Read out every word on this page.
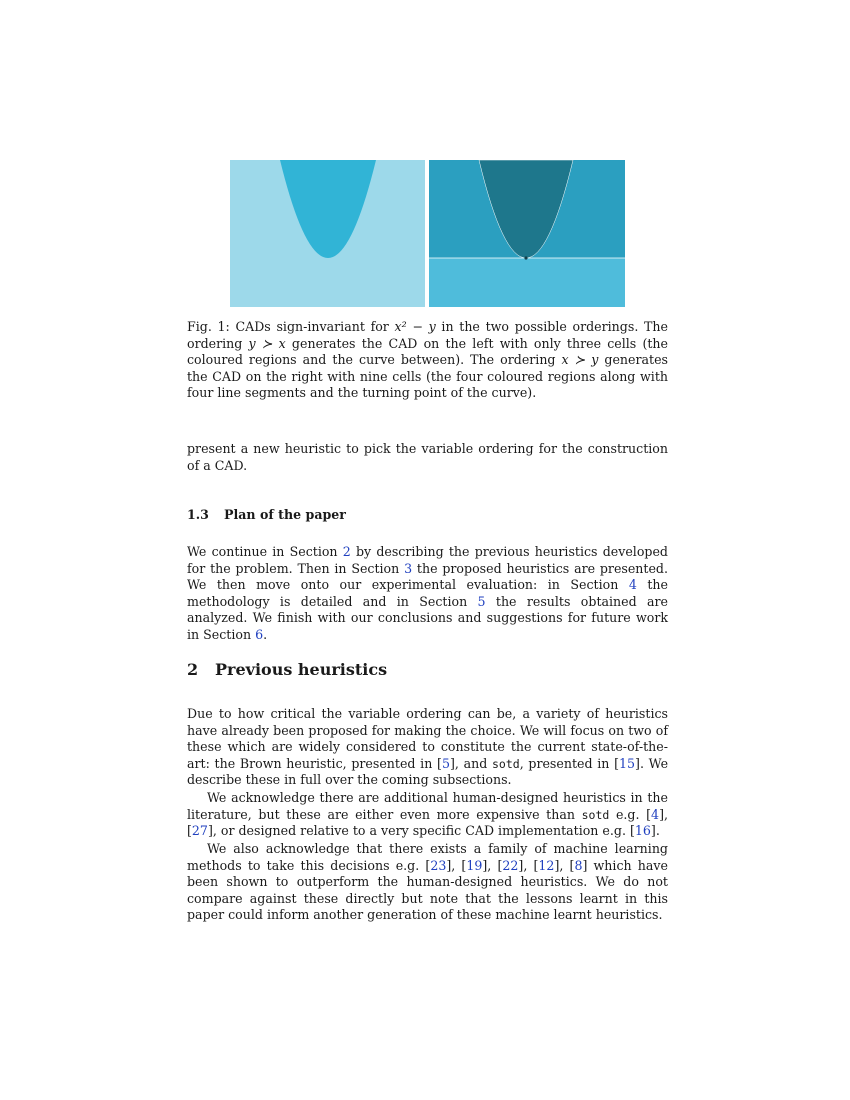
Fig. 1: CADs sign-invariant for x² − y in the two possible orderings. The ordering y ≻ x generates the CAD on the left with only three cells (the coloured regions and the curve between). The ordering x ≻ y generates the CAD on the right with nine cells (the four coloured regions along with four line segments and the turning point of the curve).

present a new heuristic to pick the variable ordering for the construction of a CAD.

1.3 Plan of the paper

We continue in Section 2 by describing the previous heuristics developed for the problem. Then in Section 3 the proposed heuristics are presented. We then move onto our experimental evaluation: in Section 4 the methodology is detailed and in Section 5 the results obtained are analyzed. We finish with our conclusions and suggestions for future work in Section 6.

2 Previous heuristics

Due to how critical the variable ordering can be, a variety of heuristics have already been proposed for making the choice. We will focus on two of these which are widely considered to constitute the current state-of-the-art: the Brown heuristic, presented in [5], and sotd, presented in [15]. We describe these in full over the coming subsections.

We acknowledge there are additional human-designed heuristics in the literature, but these are either even more expensive than sotd e.g. [4], [27], or designed relative to a very specific CAD implementation e.g. [16].

We also acknowledge that there exists a family of machine learning methods to take this decisions e.g. [23], [19], [22], [12], [8] which have been shown to outperform the human-designed heuristics. We do not compare against these directly but note that the lessons learnt in this paper could inform another generation of these machine learnt heuristics.
